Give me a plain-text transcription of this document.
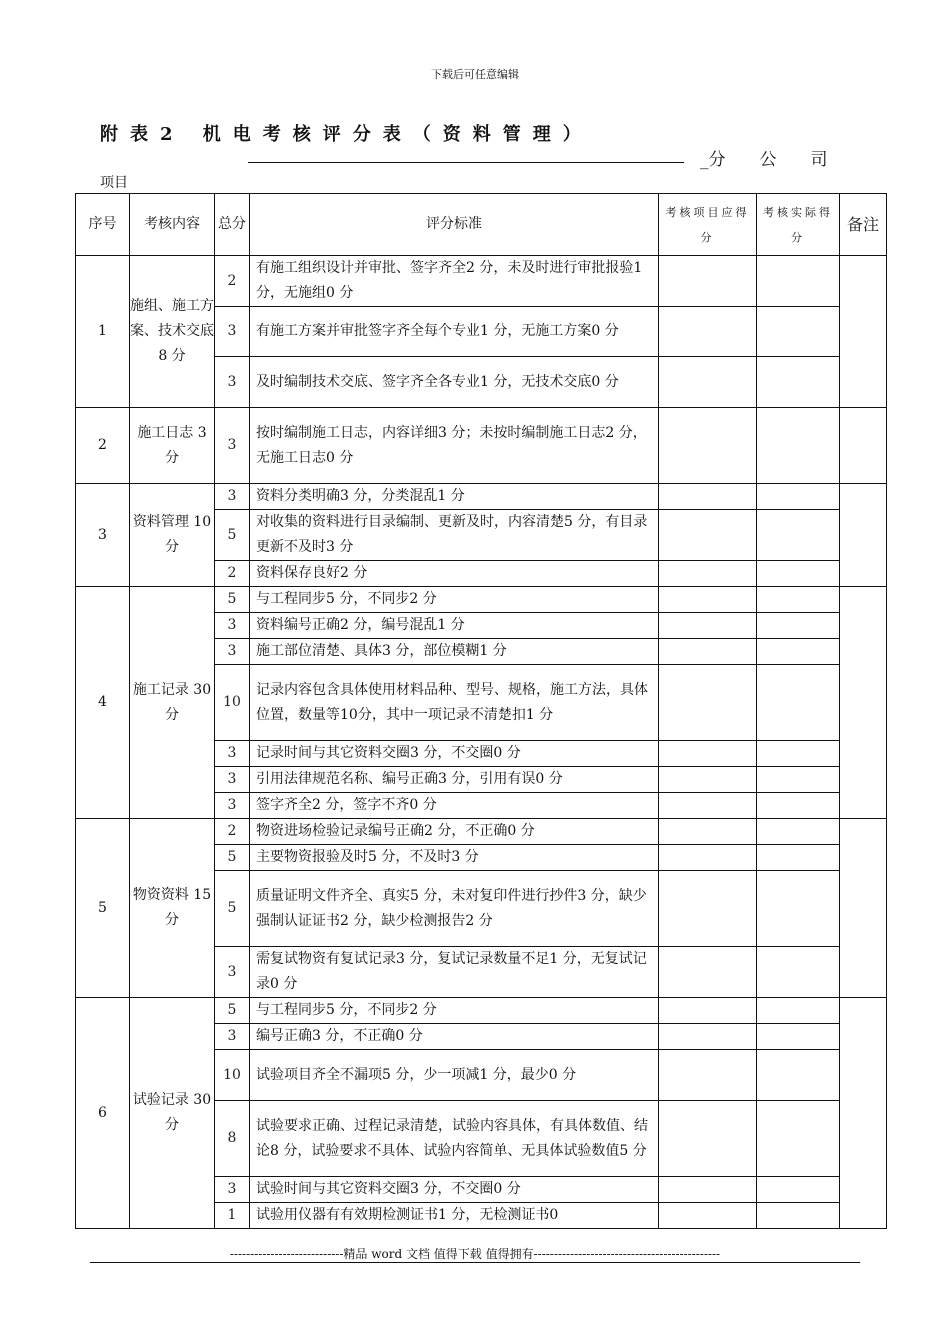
下载后可任意编辑
附表2 机电考核评分表（资料管理）
_分　　公　　司
项目
序号	考核内容	总分	评分标准	考核项目应得分	考核实际得分	备注
1	施组、施工方案、技术交底 8 分	2	有施工组织设计并审批、签字齐全2 分，未及时进行审批报验1 分，无施组0 分			
		3	有施工方案并审批签字齐全每个专业1 分，无施工方案0 分			
		3	及时编制技术交底、签字齐全各专业1 分，无技术交底0 分			
2	施工日志 3 分	3	按时编制施工日志，内容详细3 分；未按时编制施工日志2 分，无施工日志0 分			
3	资料管理 10分	3	资料分类明确3 分，分类混乱1 分			
		5	对收集的资料进行目录编制、更新及时，内容清楚5 分，有目录更新不及时3 分			
		2	资料保存良好2 分			
4	施工记录 30分	5	与工程同步5 分，不同步2 分			
		3	资料编号正确2 分，编号混乱1 分			
		3	施工部位清楚、具体3 分，部位模糊1 分			
		10	记录内容包含具体使用材料品种、型号、规格，施工方法，具体位置，数量等10分，其中一项记录不清楚扣1 分			
		3	记录时间与其它资料交圈3 分，不交圈0 分			
		3	引用法律规范名称、编号正确3 分，引用有误0 分			
		3	签字齐全2 分，签字不齐0 分			
5	物资资料 15分	2	物资进场检验记录编号正确2 分，不正确0 分			
		5	主要物资报验及时5 分，不及时3 分			
		5	质量证明文件齐全、真实5 分，未对复印件进行抄件3 分，缺少强制认证证书2 分，缺少检测报告2 分			
		3	需复试物资有复试记录3 分，复试记录数量不足1 分，无复试记录0 分			
6	试验记录 30分	5	与工程同步5 分，不同步2 分			
		3	编号正确3 分，不正确0 分			
		10	试验项目齐全不漏项5 分，少一项减1 分，最少0 分			
		8	试验要求正确、过程记录清楚，试验内容具体，有具体数值、结论8 分，试验要求不具体、试验内容简单、无具体试验数值5 分			
		3	试验时间与其它资料交圈3 分，不交圈0 分			
		1	试验用仪器有有效期检测证书1 分，无检测证书0			
----------------------------精品 word 文档 值得下载 值得拥有----------------------------------------------
